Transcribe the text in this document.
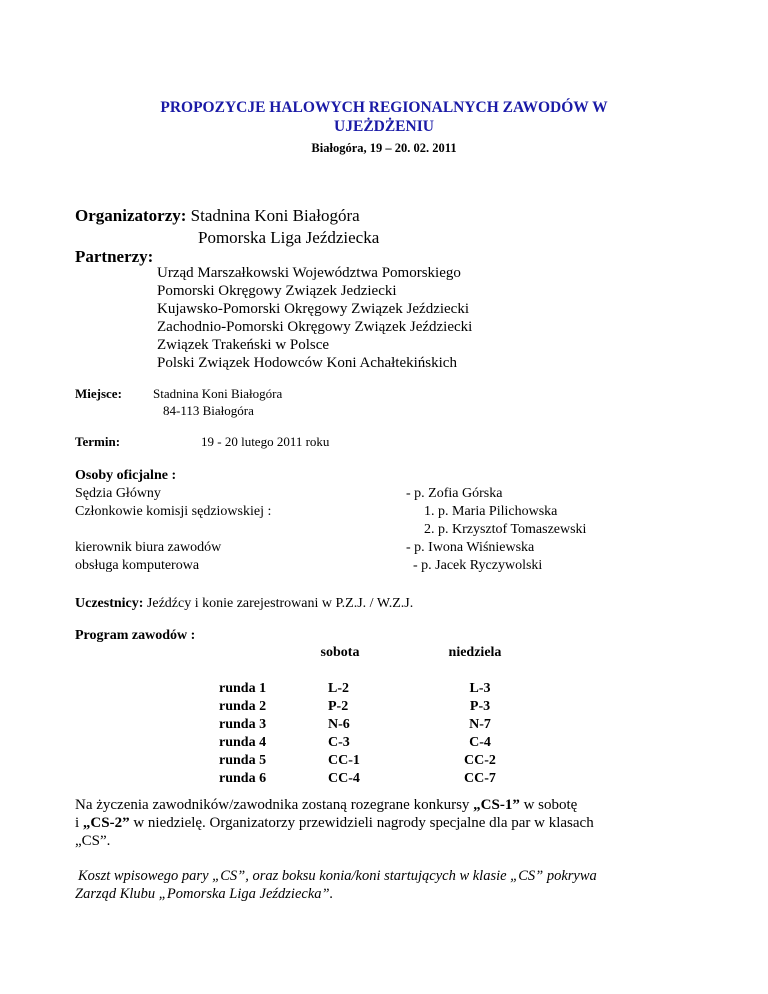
PROPOZYCJE HALOWYCH REGIONALNYCH ZAWODÓW W
UJEŻDŻENIU
Białogóra, 19 – 20. 02. 2011
Organizatorzy: Stadnina Koni Białogóra
Pomorska Liga Jeździecka
Partnerzy:
Urząd Marszałkowski Województwa Pomorskiego
Pomorski Okręgowy Związek Jedziecki
Kujawsko-Pomorski Okręgowy Związek Jeździecki
Zachodnio-Pomorski Okręgowy Związek Jeździecki
Związek Trakeński w Polsce
Polski Związek Hodowców Koni Achałtekińskich
Miejsce: Stadnina Koni Białogóra
84-113 Białogóra
Termin:	19 - 20 lutego 2011 roku
Osoby oficjalne :
Sędzia Główny
Członkowie komisji sędziowskiej :
kierownik biura zawodów
obsługa komputerowa
- p. Zofia Górska
1. p. Maria Pilichowska
2. p. Krzysztof Tomaszewski
- p. Iwona Wiśniewska
- p. Jacek Ryczywolski
Uczestnicy: Jeźdźcy i konie zarejestrowani w P.Z.J. / W.Z.J.
Program zawodów :
sobota	niedziela
runda 1
runda 2
runda 3
runda 4
runda 5
runda 6
L-2
P-2
N-6
C-3
CC-1
CC-4
L-3
P-3
N-7
C-4
CC-2
CC-7
Na życzenia zawodników/zawodnika zostaną rozegrane konkursy „CS-1” w sobotę
i „CS-2” w niedzielę. Organizatorzy przewidzieli nagrody specjalne dla par w klasach
„CS”.
Koszt wpisowego pary „CS”, oraz boksu konia/koni startujących w klasie „CS” pokrywa
Zarząd Klubu „Pomorska Liga Jeździecka”.
